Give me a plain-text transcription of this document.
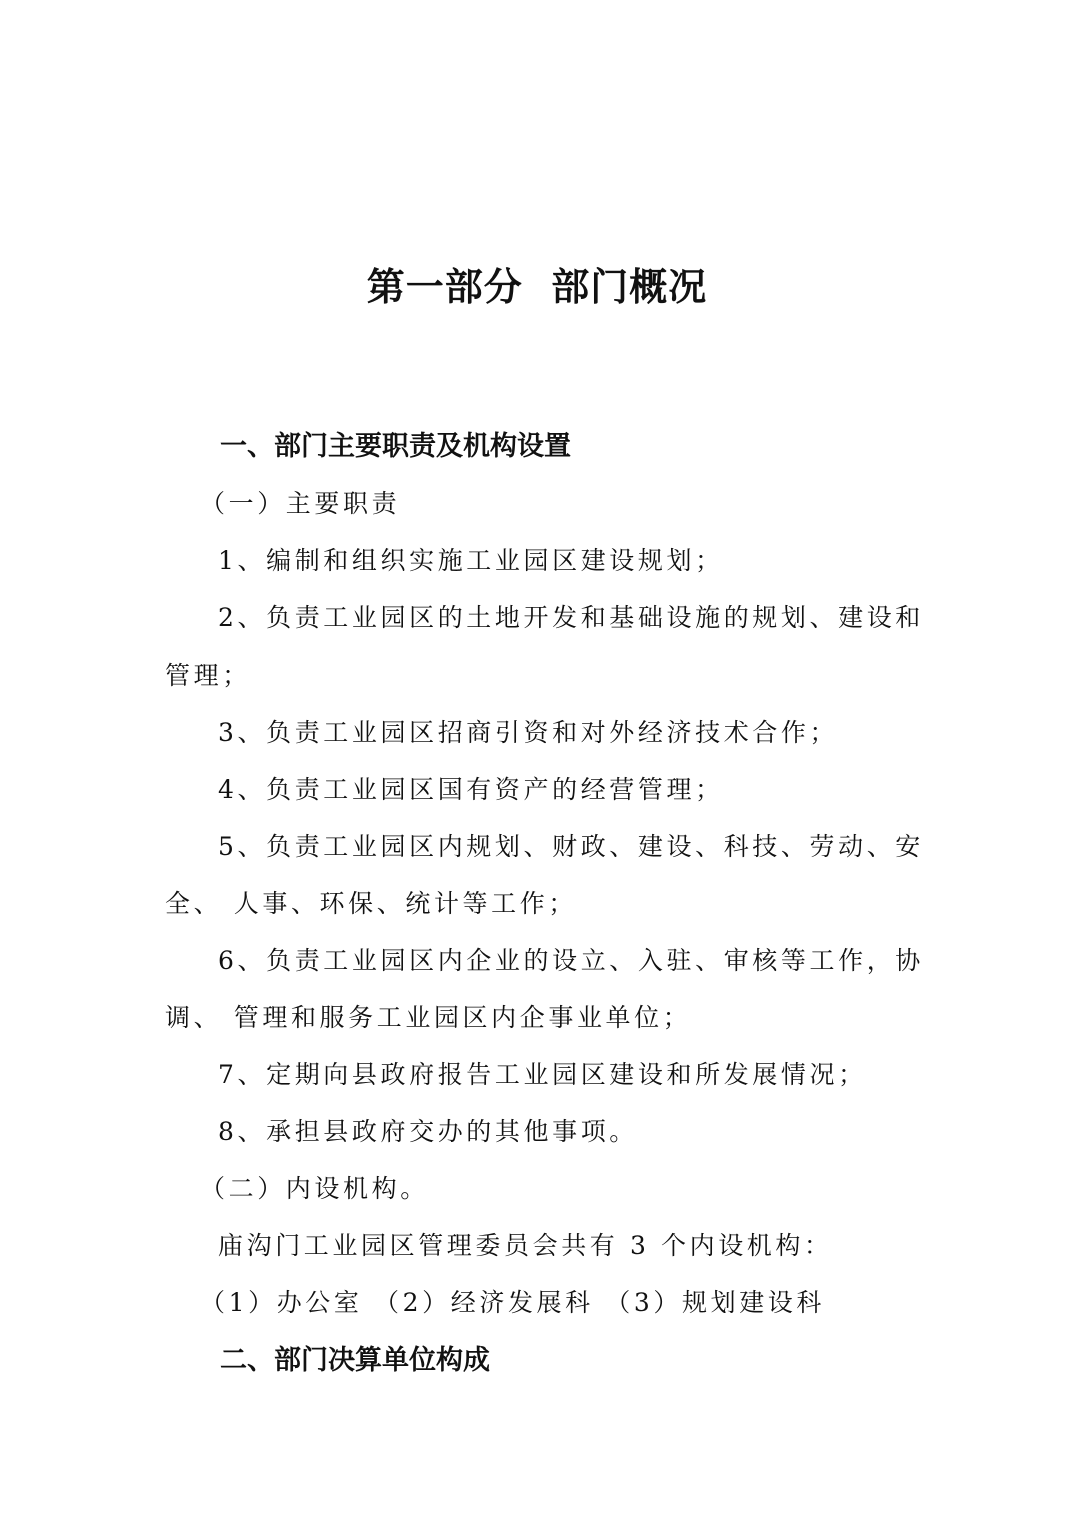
第一部分  部门概况
一、部门主要职责及机构设置
（一）主要职责
1、编制和组织实施工业园区建设规划；
2、负责工业园区的土地开发和基础设施的规划、建设和
管理；
3、负责工业园区招商引资和对外经济技术合作；
4、负责工业园区国有资产的经营管理；
5、负责工业园区内规划、财政、建设、科技、劳动、安
全、 人事、环保、统计等工作；
6、负责工业园区内企业的设立、入驻、审核等工作，协
调、 管理和服务工业园区内企事业单位；
7、定期向县政府报告工业园区建设和所发展情况；
8、承担县政府交办的其他事项。
（二）内设机构。
庙沟门工业园区管理委员会共有 3 个内设机构：
（1）办公室 （2）经济发展科 （3）规划建设科
二、部门决算单位构成
